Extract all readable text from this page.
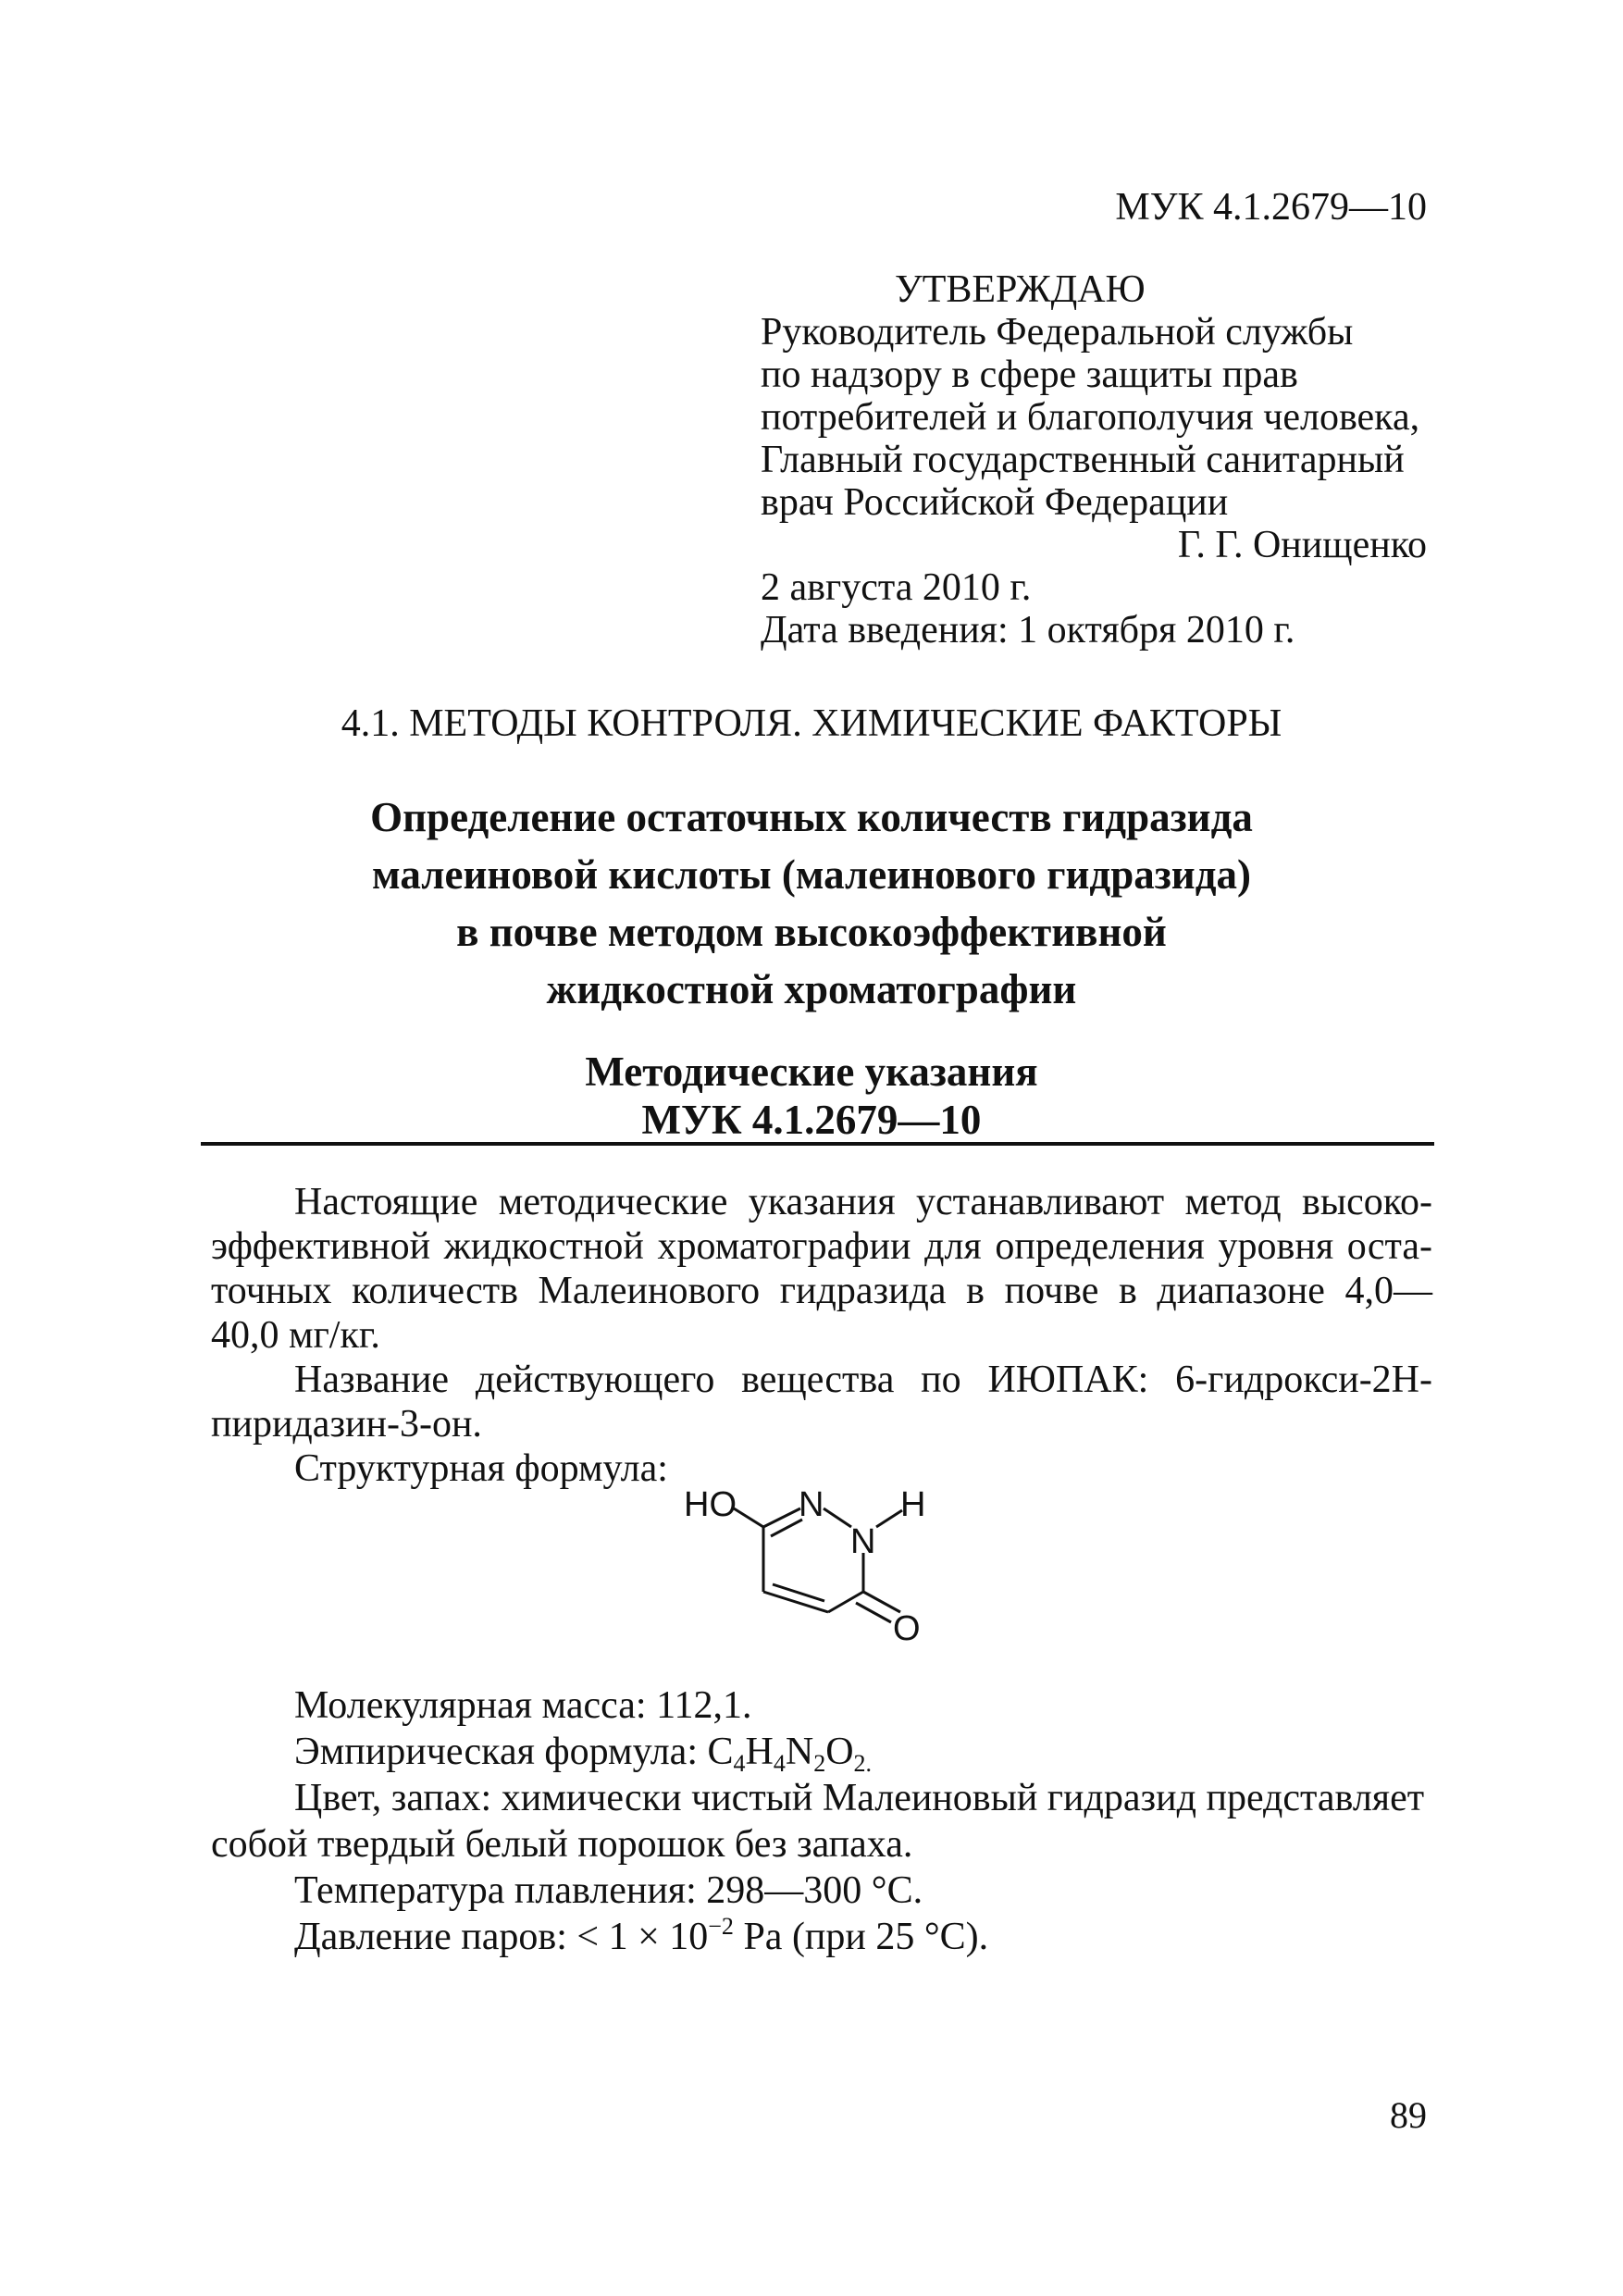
МУК 4.1.2679—10
УТВЕРЖДАЮ
Руководитель Федеральной службы
по надзору в сфере защиты прав
потребителей и благополучия человека,
Главный государственный санитарный
врач Российской Федерации
Г. Г. Онищенко
2 августа 2010 г.
Дата введения: 1 октября 2010 г.
4.1. МЕТОДЫ КОНТРОЛЯ. ХИМИЧЕСКИЕ ФАКТОРЫ
Определение остаточных количеств гидразида
малеиновой кислоты (малеинового гидразида)
в почве методом высокоэффективной
жидкостной хроматографии
Методические указания
МУК 4.1.2679—10
Настоящие методические указания устанавливают метод высоко-
эффективной жидкостной хроматографии для определения уровня оста-
точных количеств Малеинового гидразида в почве в диапазоне 4,0—
40,0 мг/кг.
Название действующего вещества по ИЮПАК: 6-гидрокси-2H-
пиридазин-3-он.
Структурная формула:
HO N
N
H
O
Молекулярная масса: 112,1.
Эмпирическая формула: $C_4H_4N_2O_{2.}$
Цвет, запах: химически чистый Малеиновый гидразид представляет
собой твердый белый порошок без запаха.
Температура плавления: 298—300 °С.
Давление паров: < $1 \times 10^{-2}$ Ра (при 25 °С).
89
